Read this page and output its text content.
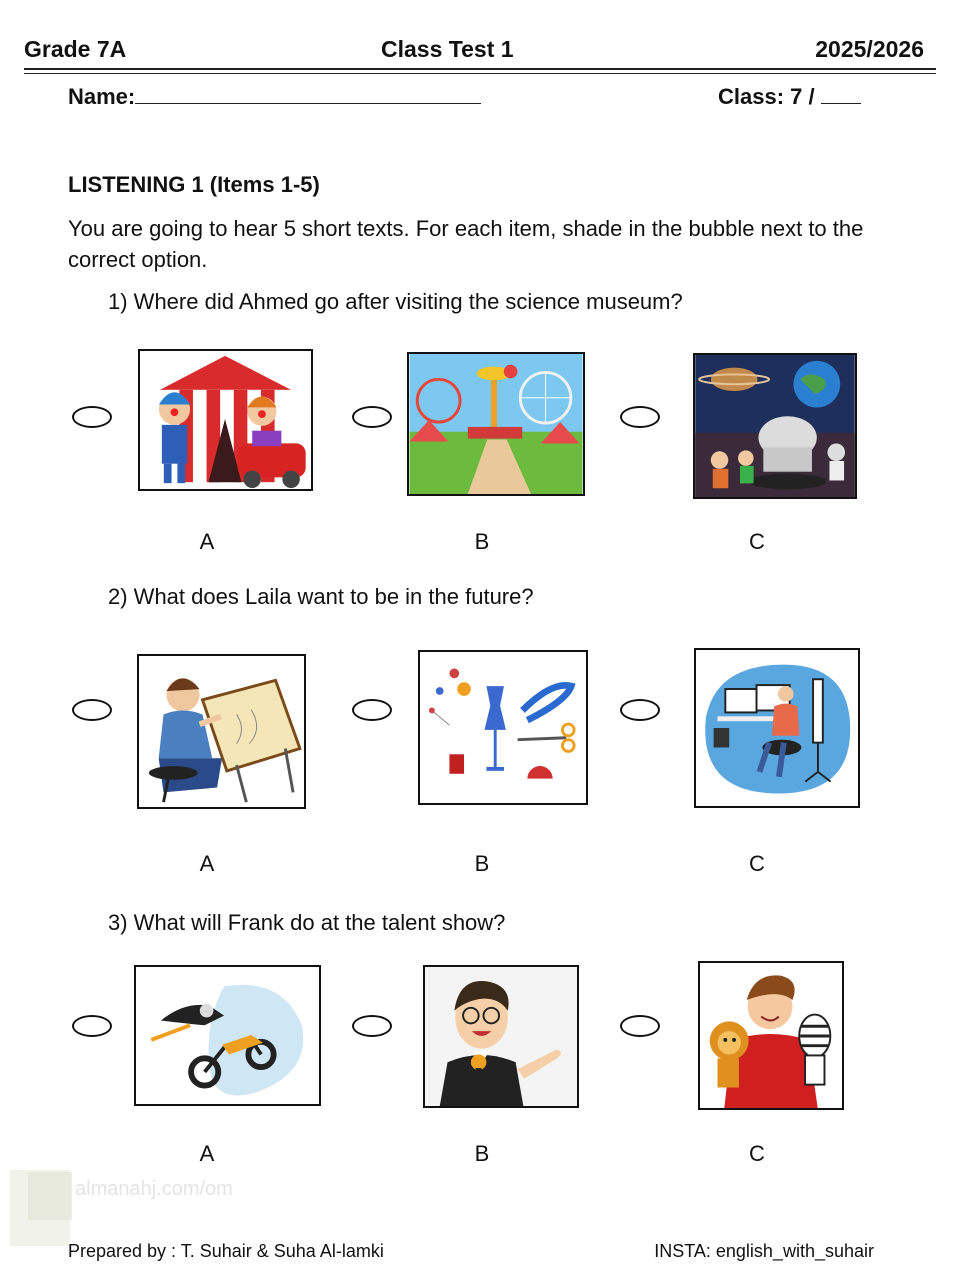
Grade 7A	Class Test 1	2025/2026
Name:	Class: 7 /
LISTENING 1 (Items 1-5)
You are going to hear 5 short texts. For each item, shade in the bubble next to the correct option.
1) Where did Ahmed go after visiting the science museum?
A	B	C
2) What does Laila want to be in the future?
A	B	C
3) What will Frank do at the talent show?
A	B	C
almanahj.com/om
Prepared by : T. Suhair & Suha Al-lamki	INSTA: english_with_suhair
